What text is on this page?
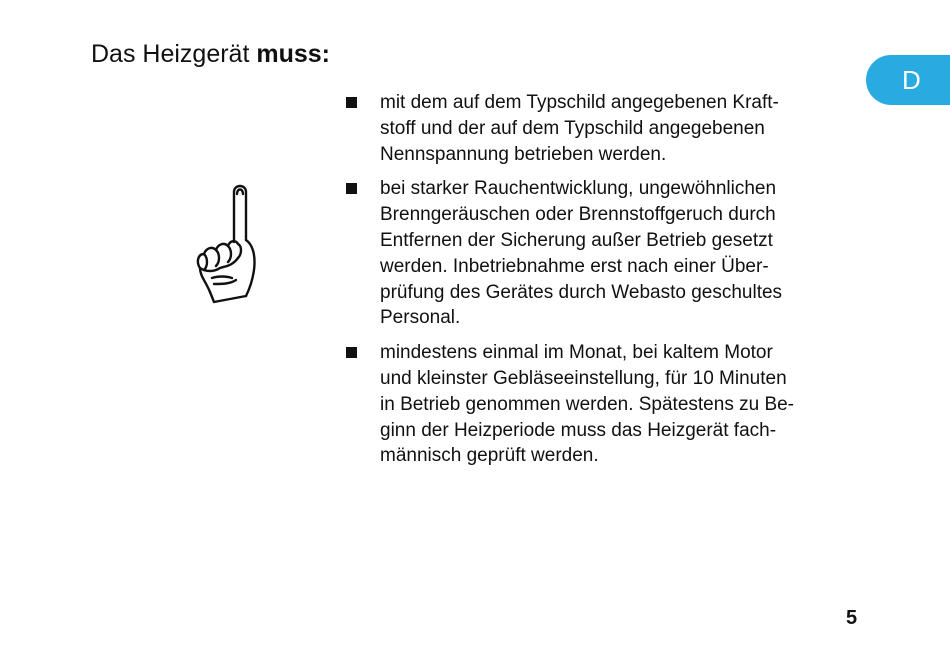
Das Heizgerät muss:
D
mit dem auf dem Typschild angegebenen Kraft-
stoff und der auf dem Typschild angegebenen
Nennspannung betrieben werden.
bei starker Rauchentwicklung, ungewöhnlichen
Brenngeräuschen oder Brennstoffgeruch durch
Entfernen der Sicherung außer Betrieb gesetzt
werden. Inbetriebnahme erst nach einer Über-
prüfung des Gerätes durch Webasto geschultes
Personal.
mindestens einmal im Monat, bei kaltem Motor
und kleinster Gebläseeinstellung, für 10 Minuten
in Betrieb genommen werden. Spätestens zu Be-
ginn der Heizperiode muss das Heizgerät fach-
männisch geprüft werden.
5
